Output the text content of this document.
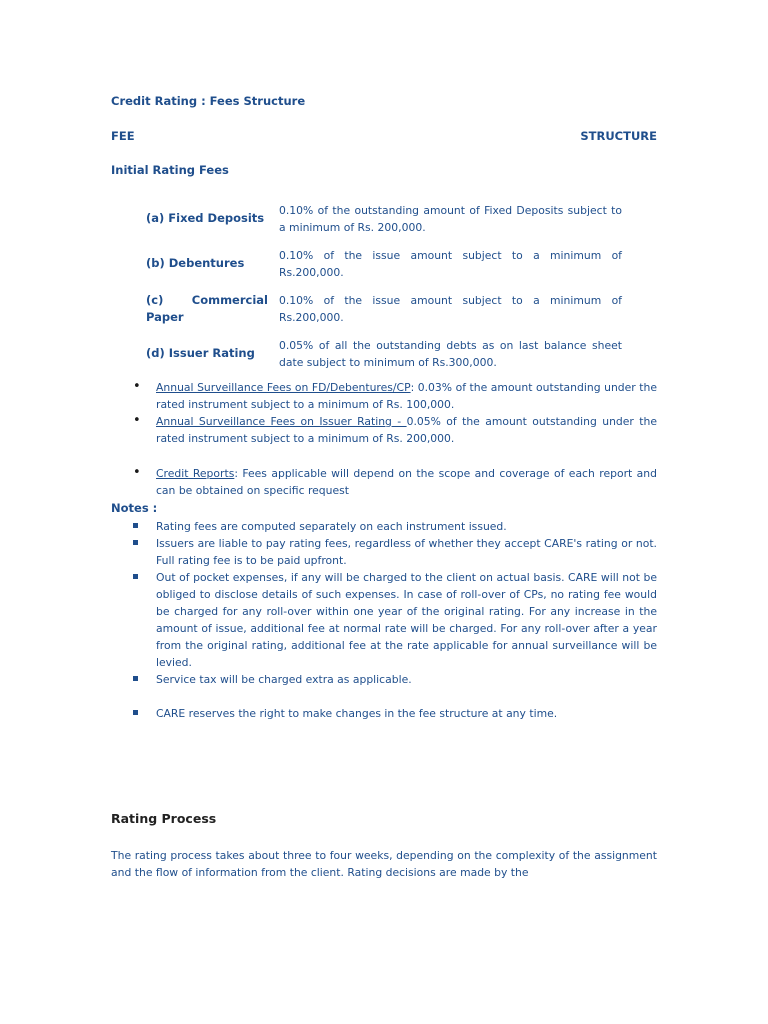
Credit Rating : Fees Structure
FEE	STRUCTURE
Initial Rating Fees
(a) Fixed Deposits
0.10% of the outstanding amount of Fixed Deposits subject to a minimum of Rs. 200,000.
(b) Debentures
0.10% of the issue amount subject to a minimum of Rs.200,000.
(c) Commercial Paper
0.10% of the issue amount subject to a minimum of Rs.200,000.
(d) Issuer Rating
0.05% of all the outstanding debts as on last balance sheet date subject to minimum of Rs.300,000.
• Annual Surveillance Fees on FD/Debentures/CP: 0.03% of the amount outstanding under the rated instrument subject to a minimum of Rs. 100,000.
• Annual Surveillance Fees on Issuer Rating - 0.05% of the amount outstanding under the rated instrument subject to a minimum of Rs. 200,000.
• Credit Reports: Fees applicable will depend on the scope and coverage of each report and can be obtained on specific request
Notes :
Rating fees are computed separately on each instrument issued.
Issuers are liable to pay rating fees, regardless of whether they accept CARE's rating or not. Full rating fee is to be paid upfront.
Out of pocket expenses, if any will be charged to the client on actual basis. CARE will not be obliged to disclose details of such expenses. In case of roll-over of CPs, no rating fee would be charged for any roll-over within one year of the original rating. For any increase in the amount of issue, additional fee at normal rate will be charged. For any roll-over after a year from the original rating, additional fee at the rate applicable for annual surveillance will be levied.
Service tax will be charged extra as applicable.
CARE reserves the right to make changes in the fee structure at any time.
Rating Process
The rating process takes about three to four weeks, depending on the complexity of the assignment and the flow of information from the client. Rating decisions are made by the
